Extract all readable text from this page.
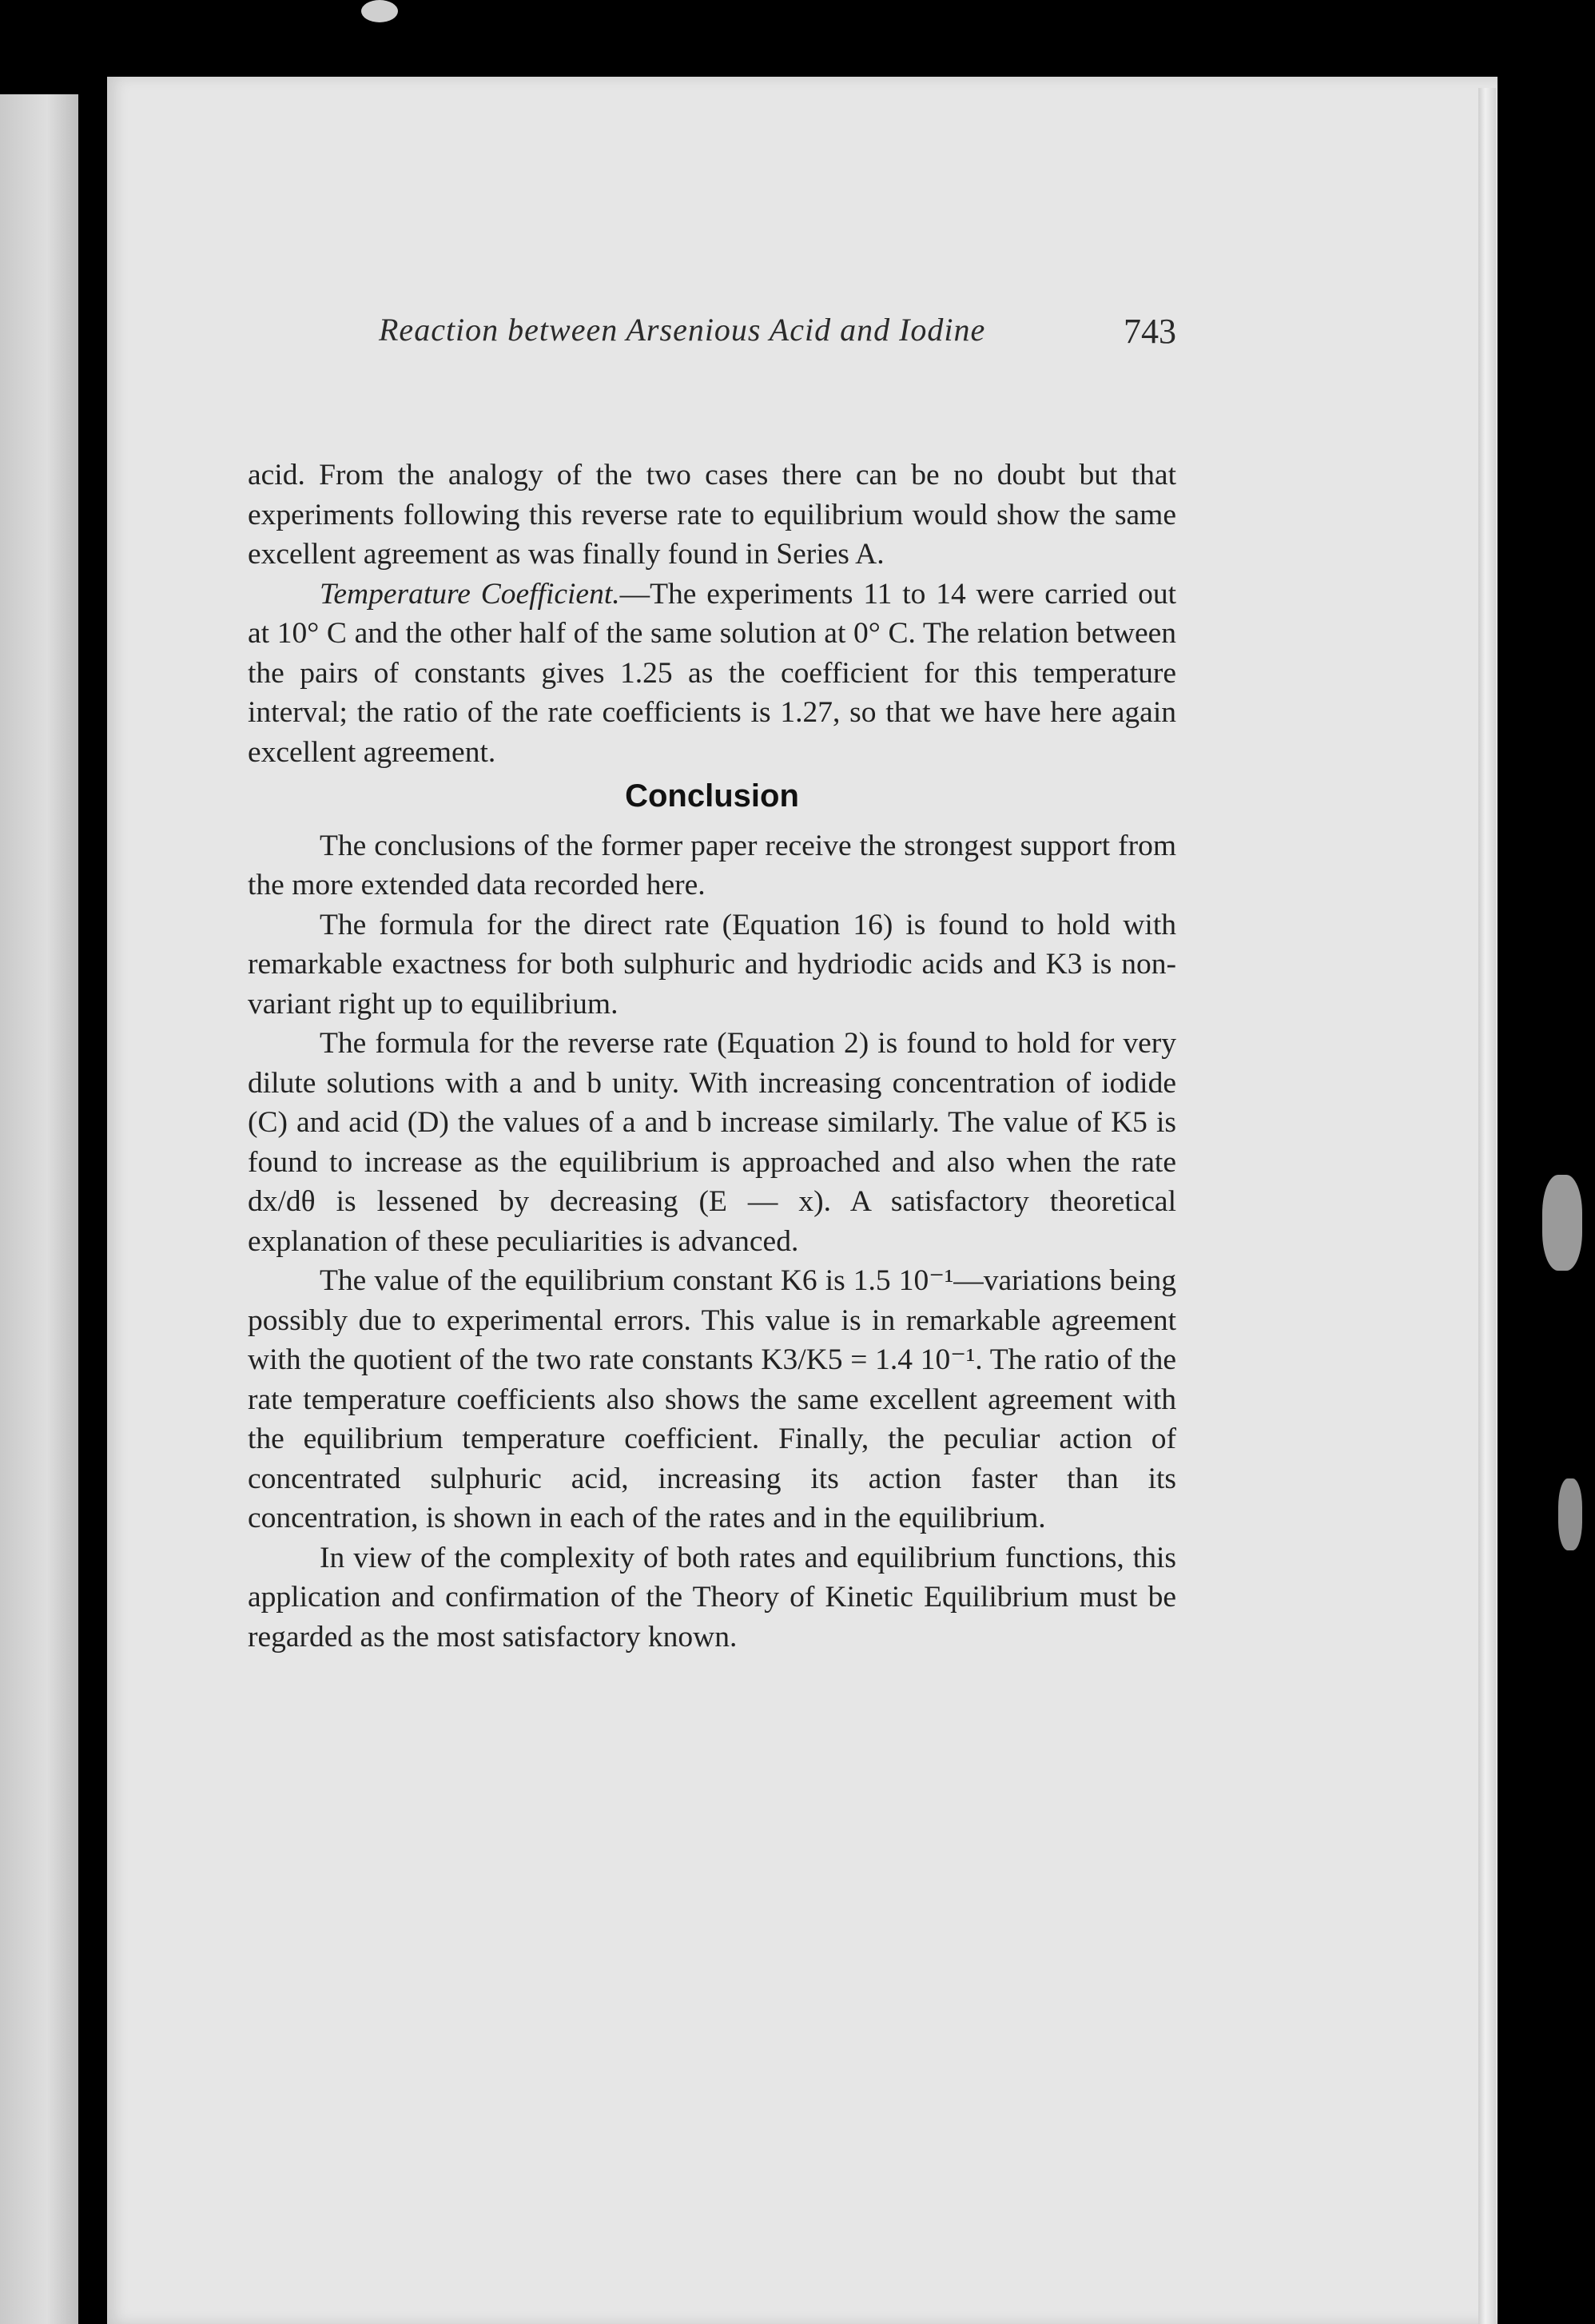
Reaction between Arsenious Acid and Iodine	743

acid. From the analogy of the two cases there can be no doubt but that experiments following this reverse rate to equilibrium would show the same excellent agreement as was finally found in Series A.

Temperature Coefficient.—The experiments 11 to 14 were carried out at 10° C and the other half of the same solution at 0° C. The relation between the pairs of constants gives 1.25 as the coefficient for this temperature interval; the ratio of the rate coefficients is 1.27, so that we have here again excellent agreement.

Conclusion

The conclusions of the former paper receive the strongest support from the more extended data recorded here.

The formula for the direct rate (Equation 16) is found to hold with remarkable exactness for both sulphuric and hydriodic acids and K3 is non-variant right up to equilibrium.

The formula for the reverse rate (Equation 2) is found to hold for very dilute solutions with a and b unity. With increasing concentration of iodide (C) and acid (D) the values of a and b increase similarly. The value of K5 is found to increase as the equilibrium is approached and also when the rate dx/dθ is lessened by decreasing (E — x). A satisfactory theoretical explanation of these peculiarities is advanced.

The value of the equilibrium constant K6 is 1.5 10⁻¹—variations being possibly due to experimental errors. This value is in remarkable agreement with the quotient of the two rate constants K3/K5 = 1.4 10⁻¹. The ratio of the rate temperature coefficients also shows the same excellent agreement with the equilibrium temperature coefficient. Finally, the peculiar action of concentrated sulphuric acid, increasing its action faster than its concentration, is shown in each of the rates and in the equilibrium.

In view of the complexity of both rates and equilibrium functions, this application and confirmation of the Theory of Kinetic Equilibrium must be regarded as the most satisfactory known.
